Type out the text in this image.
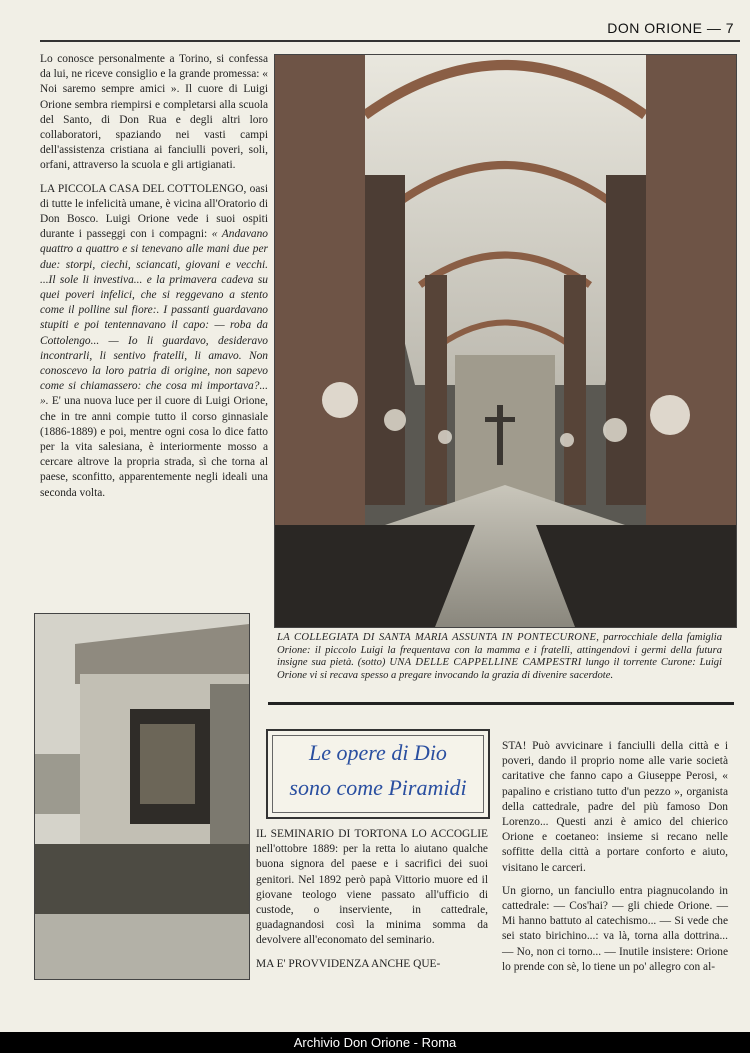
DON ORIONE — 7

Lo conosce personalmente a Torino, si confessa da lui, ne riceve consiglio e la grande promessa: « Noi saremo sempre amici ». Il cuore di Luigi Orione sembra riempirsi e completarsi alla scuola del Santo, di Don Rua e degli altri loro collaboratori, spaziando nei vasti campi dell'assistenza cristiana ai fanciulli poveri, soli, orfani, attraverso la scuola e gli artigianati.

LA PICCOLA CASA DEL COTTOLENGO, oasi di tutte le infelicità umane, è vicina all'Oratorio di Don Bosco. Luigi Orione vede i suoi ospiti durante i passeggi con i compagni: « Andavano quattro a quattro e si tenevano alle mani due per due: storpi, ciechi, sciancati, giovani e vecchi. ...Il sole li investiva... e la primavera cadeva su quei poveri infelici, che si reggevano a stento come il polline sul fiore:. I passanti guardavano stupiti e poi tentennavano il capo: — roba da Cottolengo... — Io li guardavo, desideravo incontrarli, li sentivo fratelli, li amavo. Non conoscevo la loro patria di origine, non sapevo come si chiamassero: che cosa mi importava?... ». E' una nuova luce per il cuore di Luigi Orione, che in tre anni compie tutto il corso ginnasiale (1886-1889) e poi, mentre ogni cosa lo dice fatto per la vita salesiana, è interiormente mosso a cercare altrove la propria strada, sì che torna al paese, sconfitto, apparentemente negli ideali una seconda volta.

LA COLLEGIATA DI SANTA MARIA ASSUNTA IN PONTECURONE, parrocchiale della famiglia Orione: il piccolo Luigi la frequentava con la mamma e i fratelli, attingendovi i germi della futura insigne sua pietà. (sotto) UNA DELLE CAPPELLINE CAMPESTRI lungo il torrente Curone: Luigi Orione vi si recava spesso a pregare invocando la grazia di divenire sacerdote.
Le opere di Dio
sono come Piramidi

IL SEMINARIO DI TORTONA LO ACCOGLIE nell'ottobre 1889: per la retta lo aiutano qualche buona signora del paese e i sacrifici dei suoi genitori. Nel 1892 però papà Vittorio muore ed il giovane teologo viene passato all'ufficio di custode, o inserviente, in cattedrale, guadagnandosi così la minima somma da devolvere all'economato del seminario.

MA E' PROVVIDENZA ANCHE QUE-

STA! Può avvicinare i fanciulli della città e i poveri, dando il proprio nome alle varie società caritative che fanno capo a Giuseppe Perosi, « papalino e cristiano tutto d'un pezzo », organista della cattedrale, padre del più famoso Don Lorenzo... Questi anzi è amico del chierico Orione e coetaneo: insieme si recano nelle soffitte della città a portare conforto e aiuto, visitano le carceri.

Un giorno, un fanciullo entra piagnucolando in cattedrale: — Cos'hai? — gli chiede Orione. — Mi hanno battuto al catechismo... — Si vede che sei stato birichino...: va là, torna alla dottrina... — No, non ci torno... — Inutile insistere: Orione lo prende con sè, lo tiene un po' allegro con al-

Archivio Don Orione - Roma
